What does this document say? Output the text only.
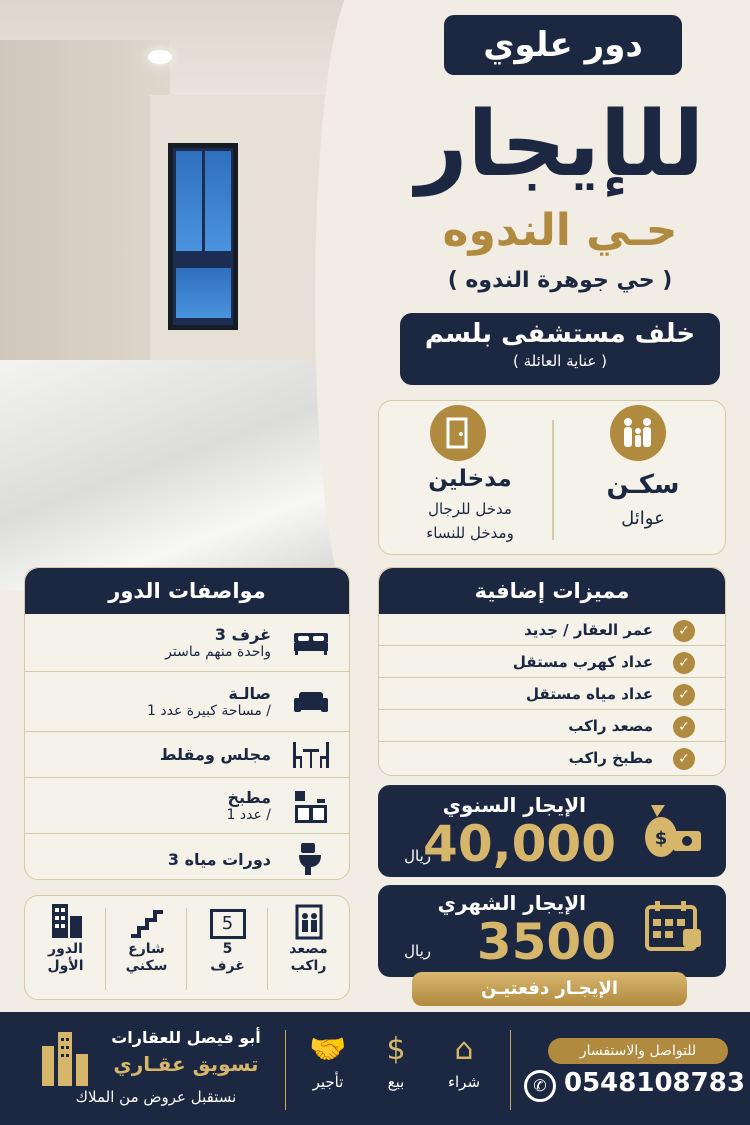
دور علوي
للإيجار
حـي الندوه
( حي جوهرة الندوه )
خلف مستشفى بلسم
( عناية العائلة )
سكـن
عوائل
مدخلين
مدخل للرجال
ومدخل للنساء
مواصفات الدور
3 غرف
واحدة منهم ماستر
صالـة
مساحة كبيرة عدد 1 /
مجلس ومقلط
مطبخ
عدد 1 /
3 دورات مياه
مميزات إضافية
✓
عمر العقار / جديد
✓
عداد كهرب مستقل
✓
عداد مياه مستقل
✓
مصعد راكب
✓
مطبخ راكب
الإيجار السنوي
40,000
ريال
$
الإيجار الشهري
3500
ريال
الإيجـار دفعتيـن
مصعد
راكب
5
5
غرف
شارع
سكني
الدور
الأول
للتواصل والاستفسار
✆ 0548108783
⌂
شراء
$
بيع
🤝
تأجير
أبو فيصل للعقارات
تسويق عقـاري
نستقبل عروض من الملاك
